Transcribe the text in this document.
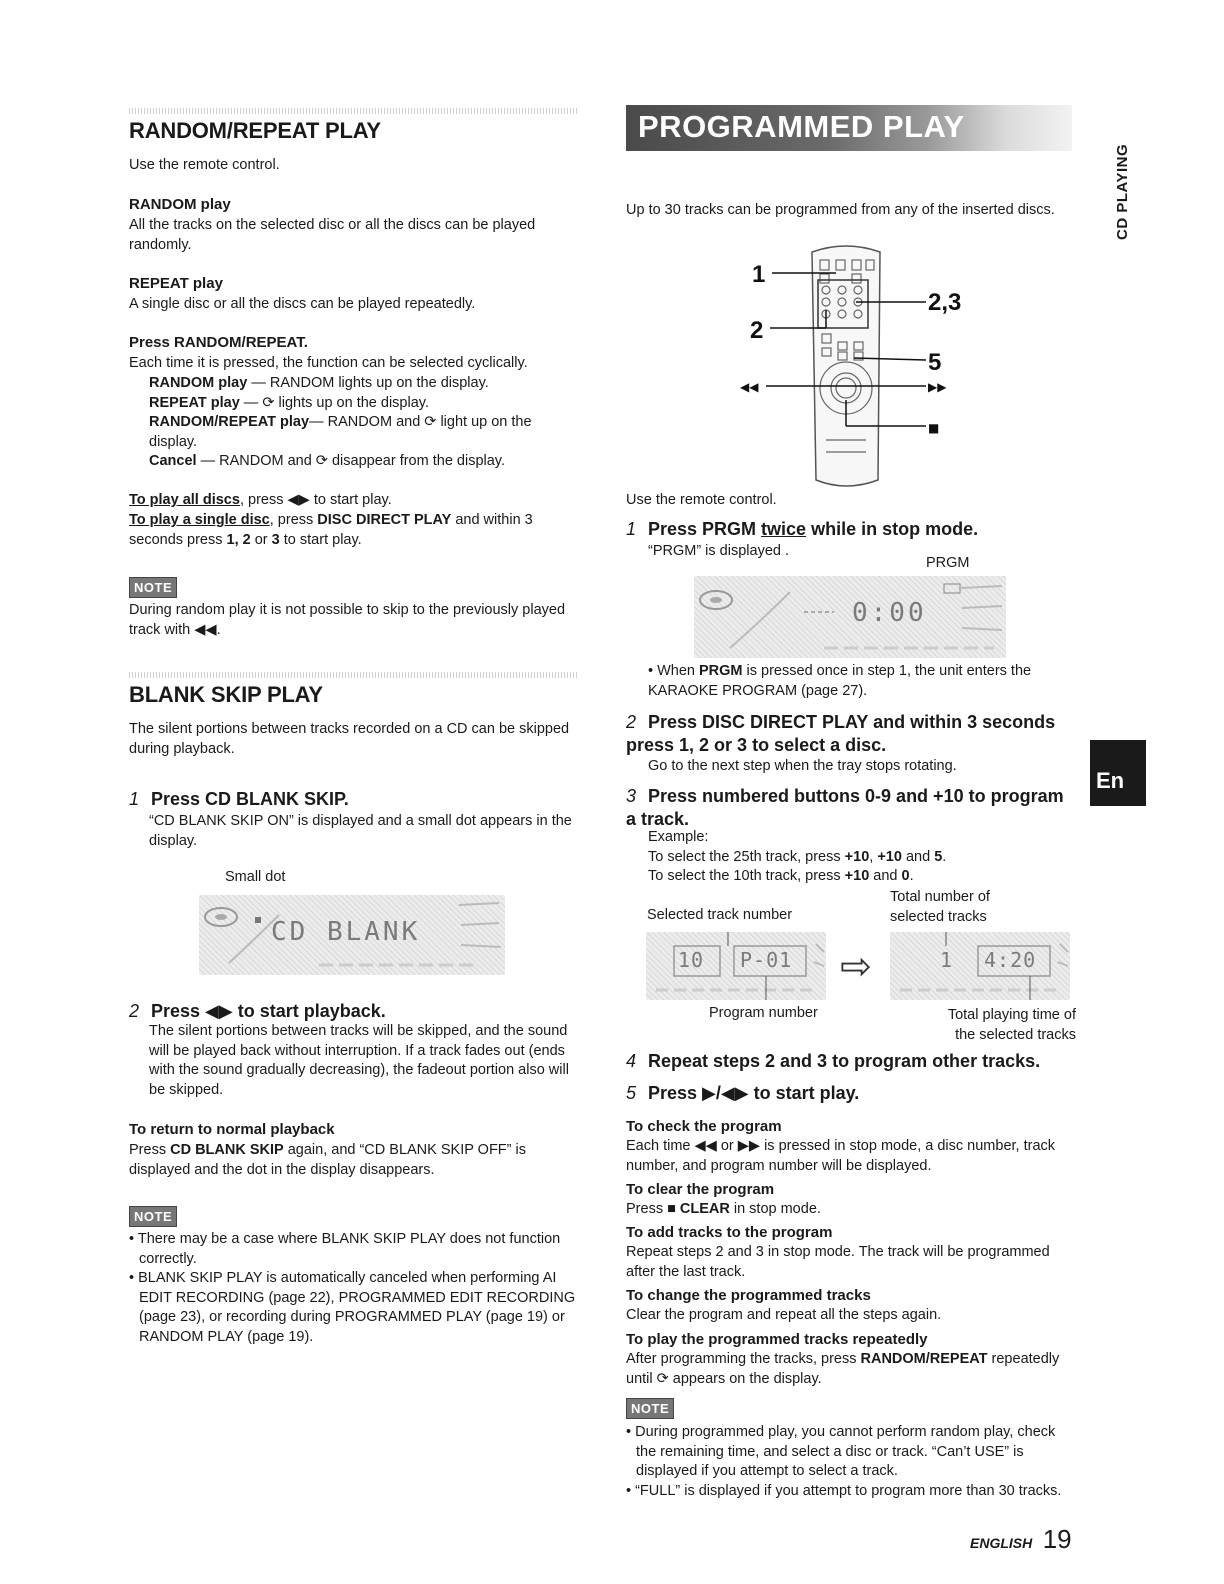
RANDOM/REPEAT PLAY

Use the remote control.

RANDOM play

All the tracks on the selected disc or all the discs can be played randomly.

REPEAT play

A single disc or all the discs can be played repeatedly.

Press RANDOM/REPEAT.

Each time it is pressed, the function can be selected cyclically.

RANDOM play — RANDOM lights up on the display.
REPEAT play — ⟳ lights up on the display.
RANDOM/REPEAT play— RANDOM and ⟳ light up on the display.
Cancel — RANDOM and ⟳ disappear from the display.

To play all discs, press ◀▶ to start play.

To play a single disc, press DISC DIRECT PLAY and within 3 seconds press 1, 2 or 3 to start play.

NOTE

During random play it is not possible to skip to the previously played track with ◀◀.

BLANK SKIP PLAY

The silent portions between tracks recorded on a CD can be skipped during playback.

1 Press CD BLANK SKIP.

“CD BLANK SKIP ON” is displayed and a small dot appears in the display.

Small dot
CD BLANK
2 Press ◀▶ to start playback.

The silent portions between tracks will be skipped, and the sound will be played back without interruption. If a track fades out (ends with the sound gradually decreasing), the fadeout portion also will be skipped.

To return to normal playback

Press CD BLANK SKIP again, and “CD BLANK SKIP OFF” is displayed and the dot in the display disappears.

NOTE
• There may be a case where BLANK SKIP PLAY does not function correctly.
• BLANK SKIP PLAY is automatically canceled when performing AI EDIT RECORDING (page 22), PROGRAMMED EDIT RECORDING (page 23), or recording during PROGRAMMED PLAY (page 19) or RANDOM PLAY (page 19).
PROGRAMMED PLAY
CD PLAYING
En

Up to 30 tracks can be programmed from any of the inserted discs.

1
2
2,3
5
◀◀	▶▶
■

Use the remote control.

1 Press PRGM twice while in stop mode.

“PRGM” is displayed .

PRGM
0:00

• When PRGM is pressed once in step 1, the unit enters the KARAOKE PROGRAM (page 27).

2 Press DISC DIRECT PLAY and within 3 seconds press 1, 2 or 3 to select a disc.

Go to the next step when the tray stops rotating.

3 Press numbered buttons 0-9 and +10 to program a track.
Example:
To select the 25th track, press +10, +10 and 5.
To select the 10th track, press +10 and 0.
Selected track number
Total number of selected tracks
10 P-01 ⇨	1 4:20
Program number	Total playing time of the selected tracks
4 Repeat steps 2 and 3 to program other tracks.
5 Press ▶/◀▶ to start play.
To check the program

Each time ◀◀ or ▶▶ is pressed in stop mode, a disc number, track number, and program number will be displayed.

To clear the program

Press ■ CLEAR in stop mode.

To add tracks to the program

Repeat steps 2 and 3 in stop mode. The track will be programmed after the last track.

To change the programmed tracks

Clear the program and repeat all the steps again.

To play the programmed tracks repeatedly

After programming the tracks, press RANDOM/REPEAT repeatedly until ⟳ appears on the display.

NOTE
• During programmed play, you cannot perform random play, check the remaining time, and select a disc or track. “Can’t USE” is displayed if you attempt to select a track.
• “FULL” is displayed if you attempt to program more than 30 tracks.
ENGLISH 19
